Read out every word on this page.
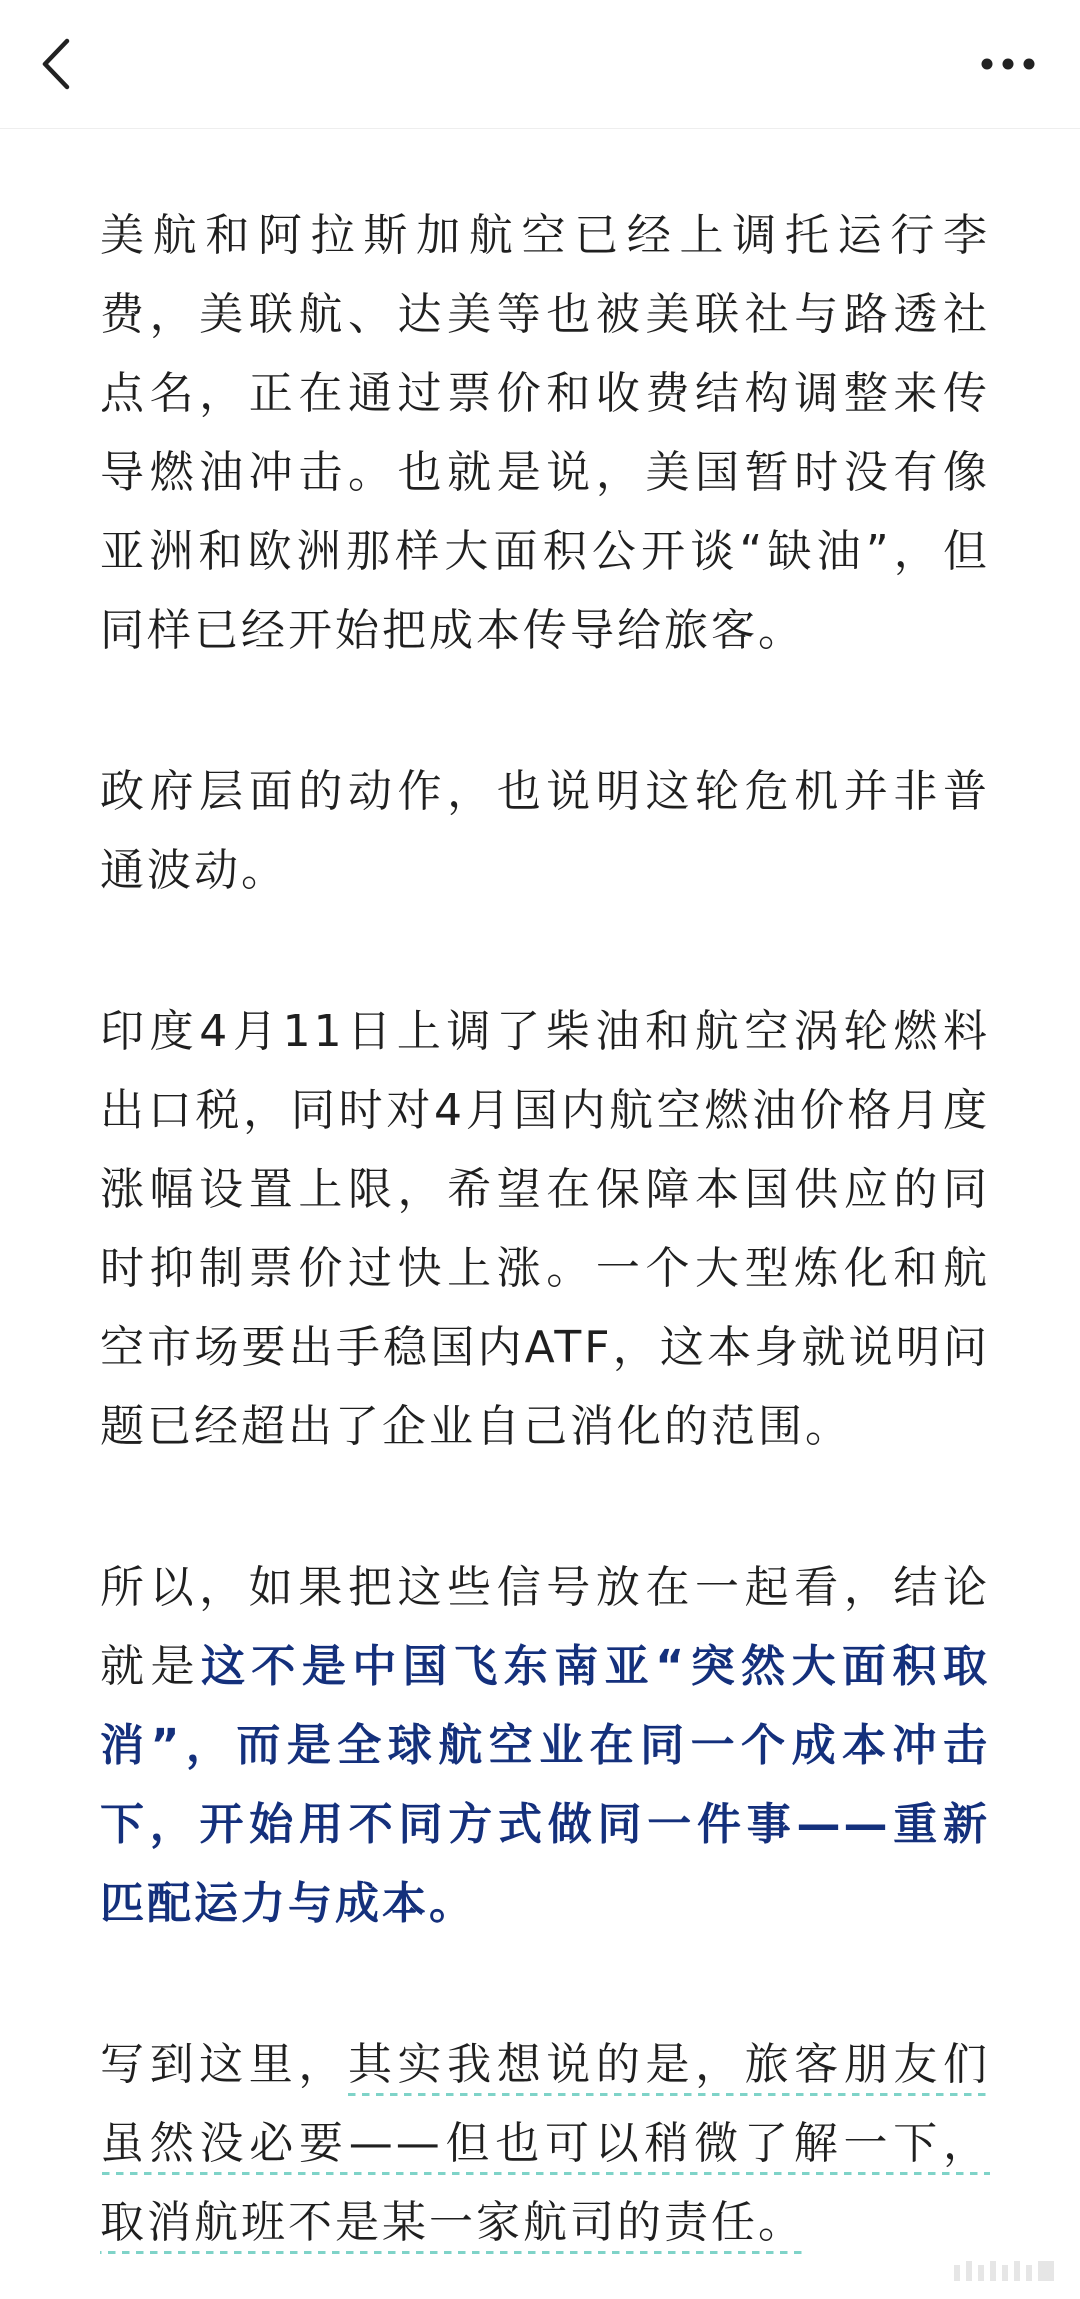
美航和阿拉斯加航空已经上调托运行李费，美联航、达美等也被美联社与路透社点名，正在通过票价和收费结构调整来传导燃油冲击。也就是说，美国暂时没有像亚洲和欧洲那样大面积公开谈“缺油”，但同样已经开始把成本传导给旅客。

政府层面的动作，也说明这轮危机并非普通波动。

印度4月11日上调了柴油和航空涡轮燃料出口税，同时对4月国内航空燃油价格月度涨幅设置上限，希望在保障本国供应的同时抑制票价过快上涨。一个大型炼化和航空市场要出手稳国内ATF，这本身就说明问题已经超出了企业自己消化的范围。

所以，如果把这些信号放在一起看，结论就是这不是中国飞东南亚“突然大面积取消”，而是全球航空业在同一个成本冲击下，开始用不同方式做同一件事——重新匹配运力与成本。

写到这里，其实我想说的是，旅客朋友们虽然没必要——但也可以稍微了解一下，取消航班不是某一家航司的责任。
